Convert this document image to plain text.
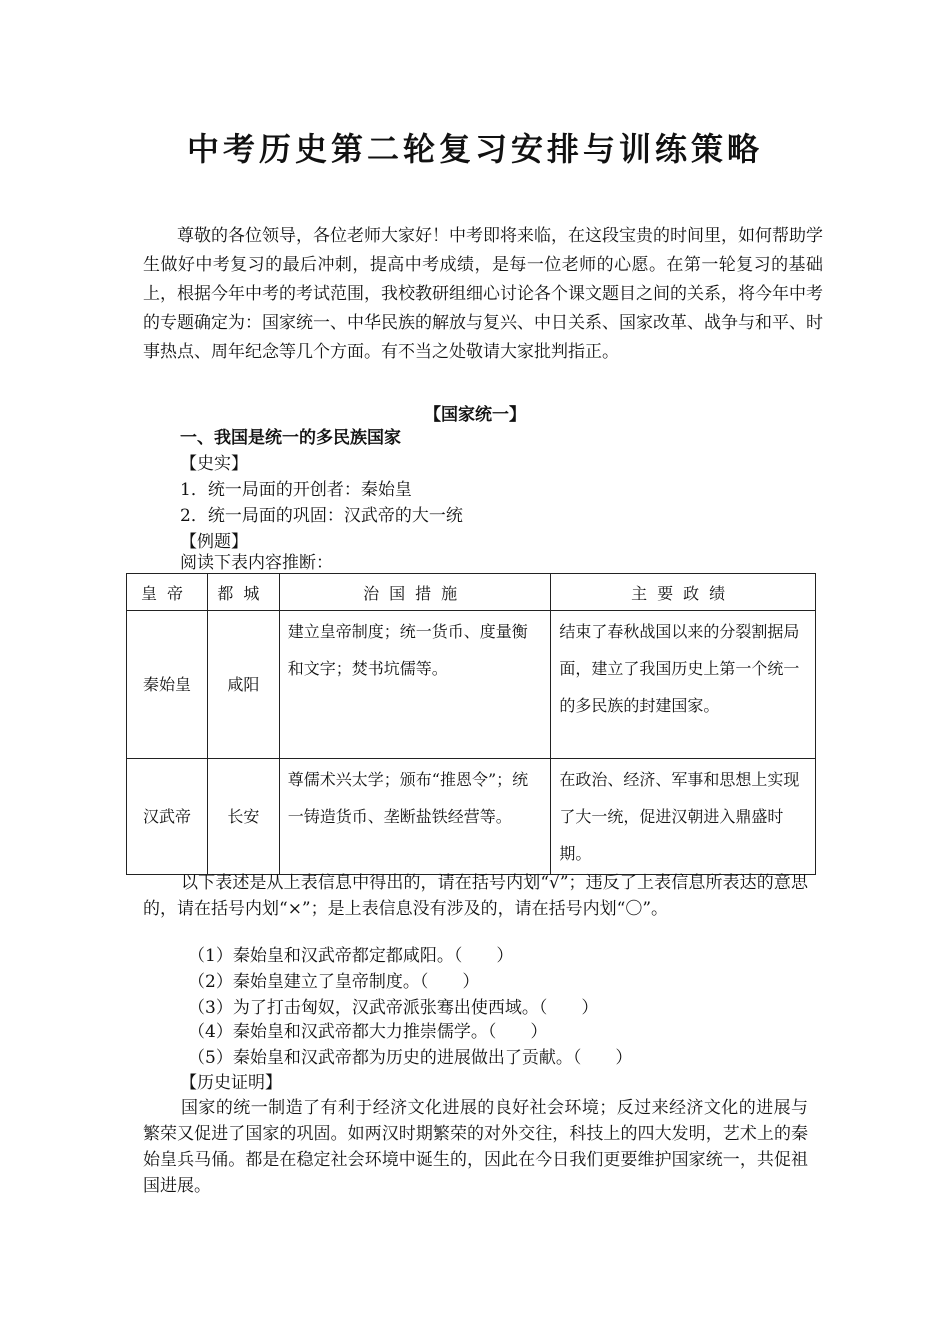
中考历史第二轮复习安排与训练策略

尊敬的各位领导，各位老师大家好！中考即将来临，在这段宝贵的时间里，如何帮助学生做好中考复习的最后冲刺，提高中考成绩，是每一位老师的心愿。在第一轮复习的基础上，根据今年中考的考试范围，我校教研组细心讨论各个课文题目之间的关系，将今年中考的专题确定为：国家统一、中华民族的解放与复兴、中日关系、国家改革、战争与和平、时事热点、周年纪念等几个方面。有不当之处敬请大家批判指正。

【国家统一】
一、我国是统一的多民族国家
【史实】
1．统一局面的开创者：秦始皇
2．统一局面的巩固：汉武帝的大一统
【例题】
阅读下表内容推断：
皇帝	都城	治国措施	主要政绩
秦始皇	咸阳	建立皇帝制度；统一货币、度量衡和文字；焚书坑儒等。	结束了春秋战国以来的分裂割据局面，建立了我国历史上第一个统一的多民族的封建国家。
汉武帝	长安	尊儒术兴太学；颁布“推恩令”；统一铸造货币、垄断盐铁经营等。	在政治、经济、军事和思想上实现了大一统，促进汉朝进入鼎盛时期。

以下表述是从上表信息中得出的，请在括号内划“√”；违反了上表信息所表达的意思的，请在括号内划“×”；是上表信息没有涉及的，请在括号内划“〇”。

（1）秦始皇和汉武帝都定都咸阳。（　　）
（2）秦始皇建立了皇帝制度。（　　）
（3）为了打击匈奴，汉武帝派张骞出使西域。（　　）
（4）秦始皇和汉武帝都大力推崇儒学。（　　）
（5）秦始皇和汉武帝都为历史的进展做出了贡献。（　　）
【历史证明】

国家的统一制造了有利于经济文化进展的良好社会环境；反过来经济文化的进展与繁荣又促进了国家的巩固。如两汉时期繁荣的对外交往，科技上的四大发明，艺术上的秦始皇兵马俑。都是在稳定社会环境中诞生的，因此在今日我们更要维护国家统一，共促祖国进展。
